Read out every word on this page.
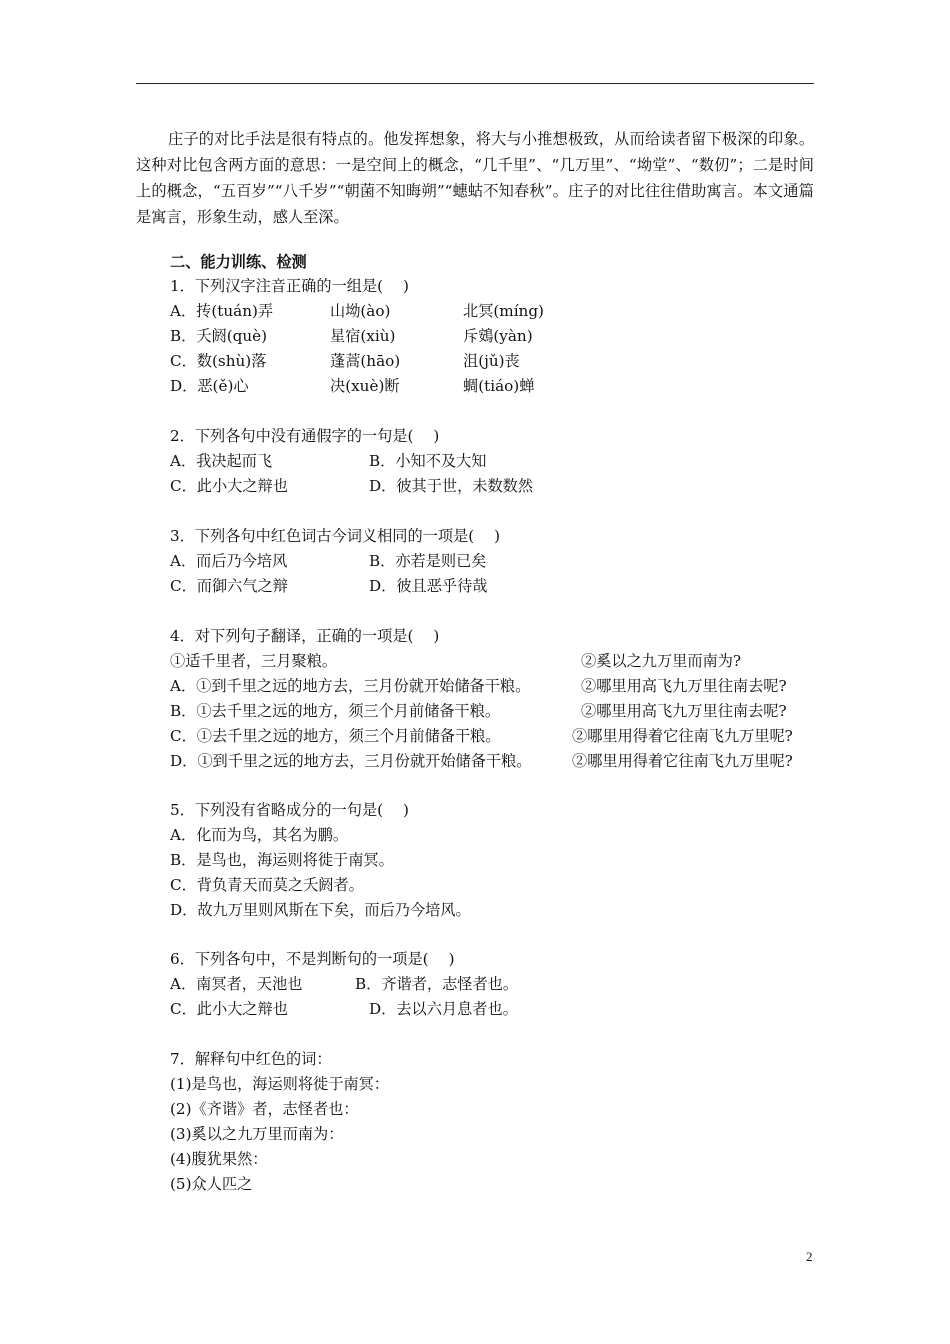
庄子的对比手法是很有特点的。他发挥想象，将大与小推想极致，从而给读者留下极深的印象。这种对比包含两方面的意思：一是空间上的概念，“几千里”、“几万里”、“坳堂”、“数仞”；二是时间上的概念，“五百岁”“八千岁”“朝菌不知晦朔”“蟪蛄不知春秋”。庄子的对比往往借助寓言。本文通篇是寓言，形象生动，感人至深。
二、能力训练、检测
1．下列汉字注音正确的一组是(　 )
A．抟(tuán)弄	山坳(ào)	北冥(míng)
B．夭阏(què)	星宿(xiù)	斥鴳(yàn)
C．数(shù)落	蓬蒿(hāo)	沮(jǔ)丧
D．恶(ě)心	决(xuè)断	蜩(tiáo)蝉
2．下列各句中没有通假字的一句是(　 )
A．我决起而飞	B．小知不及大知
C．此小大之辩也	D．彼其于世，未数数然
3．下列各句中红色词古今词义相同的一项是(　 )
A．而后乃今培风	B．亦若是则已矣
C．而御六气之辩	D．彼且恶乎待哉
4．对下列句子翻译，正确的一项是(　 )
①适千里者，三月聚粮。	②奚以之九万里而南为?
A．①到千里之远的地方去，三月份就开始储备干粮。	②哪里用高飞九万里往南去呢?
B．①去千里之远的地方，须三个月前储备干粮。	②哪里用高飞九万里往南去呢?
C．①去千里之远的地方，须三个月前储备干粮。	②哪里用得着它往南飞九万里呢?
D．①到千里之远的地方去，三月份就开始储备干粮。	②哪里用得着它往南飞九万里呢?
5．下列没有省略成分的一句是(　 )
A．化而为鸟，其名为鹏。
B．是鸟也，海运则将徙于南冥。
C．背负青天而莫之夭阏者。
D．故九万里则风斯在下矣，而后乃今培风。
6．下列各句中，不是判断句的一项是(　 )
A．南冥者，天池也	B．齐谐者，志怪者也。
C．此小大之辩也	D．去以六月息者也。
7．解释句中红色的词：
(1)是鸟也，海运则将徙于南冥：
(2)《齐谐》者，志怪者也：
(3)奚以之九万里而南为：
(4)腹犹果然：
(5)众人匹之
2
